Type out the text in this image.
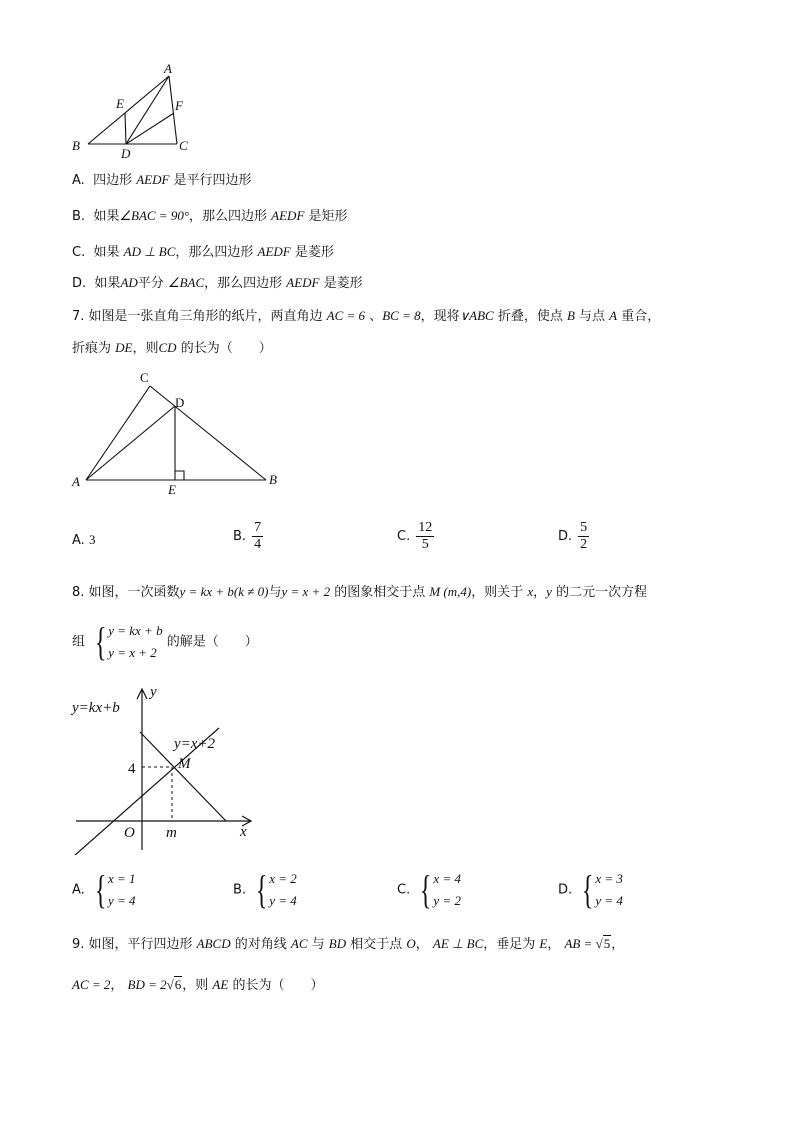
A
E	F
B
D
C
A. 四边形 AEDF 是平行四边形
B. 如果∠BAC = 90°，那么四边形 AEDF 是矩形
C. 如果 AD ⊥ BC，那么四边形 AEDF 是菱形
D. 如果AD平分 ∠BAC，那么四边形 AEDF 是菱形
7. 如图是一张直角三角形的纸片，两直角边 AC = 6 、BC = 8，现将∨ABC 折叠，使点 B 与点 A 重合，
折痕为 DE，则CD 的长为（　　）
C
D
A
E
B
A. 3	B. $\frac{7}{4}$	C. $\frac{12}{5}$	D. $\frac{5}{2}$
8. 如图，一次函数y = kx + b(k ≠ 0)与y = x + 2 的图象相交于点 M (m,4)，则关于 x，y 的二元一次方程
组 { y = kx + b
y = x + 2
的解是（　　）
y=kx+b
y=x+2
y
x
O m
4	M
A. { x = 1
y = 4
B. { x = 2
y = 4
C. { x = 4
y = 2
D. { x = 3
y = 4
9. 如图，平行四边形 ABCD 的对角线 AC 与 BD 相交于点 O， AE ⊥ BC，垂足为 E， AB = √5，
AC = 2， BD = 2√6，则 AE 的长为（　　）
